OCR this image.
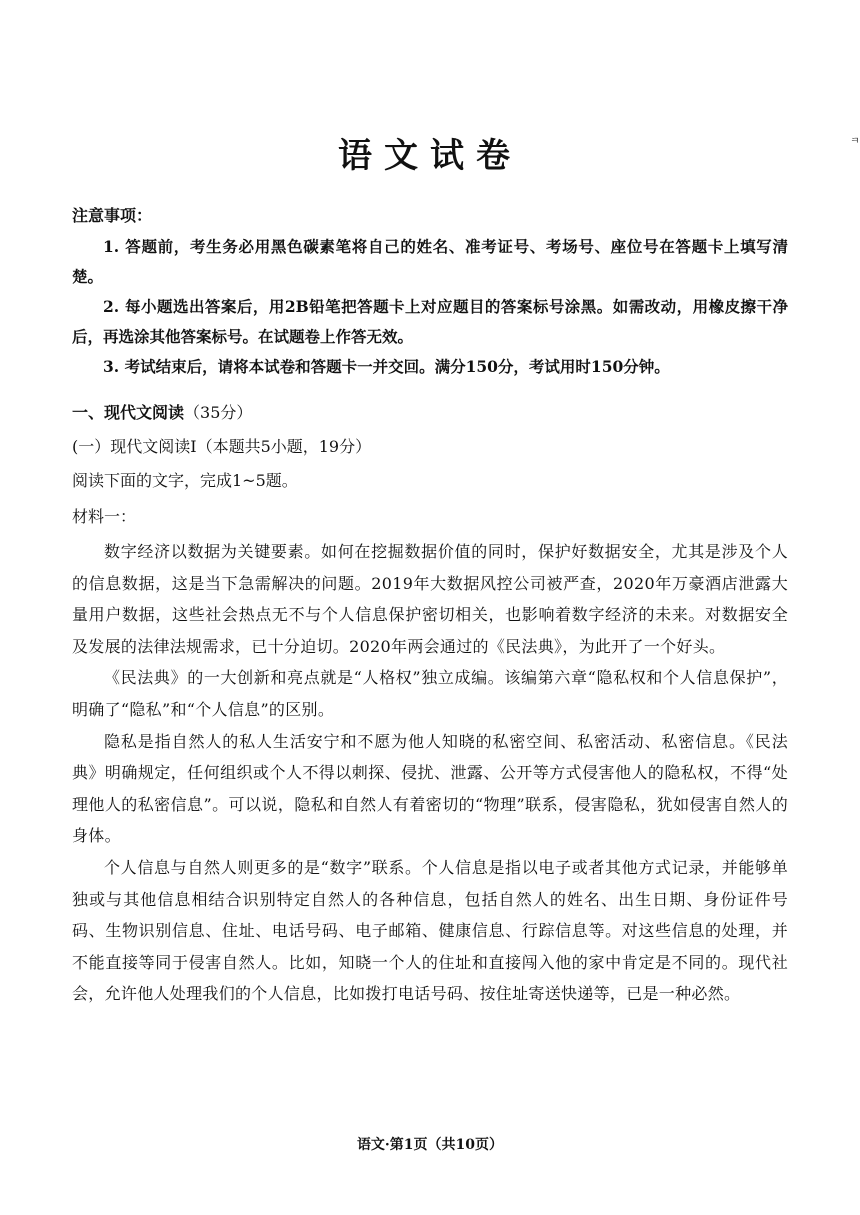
语文试卷	ㅋ
注意事项：

1. 答题前，考生务必用黑色碳素笔将自己的姓名、准考证号、考场号、座位号在答题卡上填写清楚。

2. 每小题选出答案后，用2B铅笔把答题卡上对应题目的答案标号涂黑。如需改动，用橡皮擦干净后，再选涂其他答案标号。在试题卷上作答无效。

3. 考试结束后，请将本试卷和答题卡一并交回。满分150分，考试用时150分钟。

一、现代文阅读（35分）
(一）现代文阅读Ⅰ（本题共5小题，19分）
阅读下面的文字，完成1~5题。
材料一：

数字经济以数据为关键要素。如何在挖掘数据价值的同时，保护好数据安全，尤其是涉及个人的信息数据，这是当下急需解决的问题。2019年大数据风控公司被严查，2020年万豪酒店泄露大量用户数据，这些社会热点无不与个人信息保护密切相关，也影响着数字经济的未来。对数据安全及发展的法律法规需求，已十分迫切。2020年两会通过的《民法典》，为此开了一个好头。

《民法典》的一大创新和亮点就是“人格权”独立成编。该编第六章“隐私权和个人信息保护”，明确了“隐私”和“个人信息”的区别。

隐私是指自然人的私人生活安宁和不愿为他人知晓的私密空间、私密活动、私密信息。《民法典》明确规定，任何组织或个人不得以刺探、侵扰、泄露、公开等方式侵害他人的隐私权，不得“处理他人的私密信息”。可以说，隐私和自然人有着密切的“物理”联系，侵害隐私，犹如侵害自然人的身体。

个人信息与自然人则更多的是“数字”联系。个人信息是指以电子或者其他方式记录，并能够单独或与其他信息相结合识别特定自然人的各种信息，包括自然人的姓名、出生日期、身份证件号码、生物识别信息、住址、电话号码、电子邮箱、健康信息、行踪信息等。对这些信息的处理，并不能直接等同于侵害自然人。比如，知晓一个人的住址和直接闯入他的家中肯定是不同的。现代社会，允许他人处理我们的个人信息，比如拨打电话号码、按住址寄送快递等，已是一种必然。

语文·第1页（共10页）
